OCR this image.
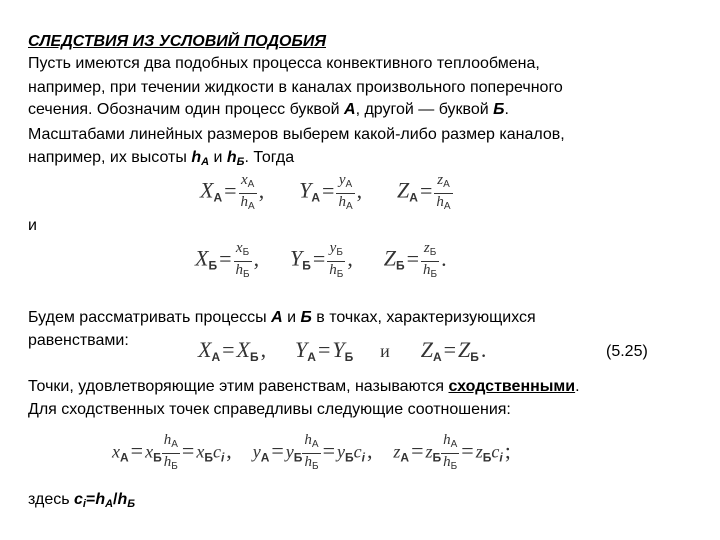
СЛЕДСТВИЯ ИЗ УСЛОВИЙ ПОДОБИЯ
Пусть имеются два подобных процесса конвективного теплообмена,
например, при течении жидкости в каналах произвольного поперечного
сечения. Обозначим один процесс буквой А, другой — буквой Б.
Масштабами линейных размеров выберем какой-либо размер каналов,
например, их высоты hА и hБ. Тогда
$X_А= \frac{x_А}{h_А}$ , $Y_А= \frac{y_А}{h_А}$ , $Z_А= \frac{z_А}{h_А}$
и
$X_Б= \frac{x_Б}{h_Б}$ , $Y_Б= \frac{y_Б}{h_Б}$ , $Z_Б= \frac{z_Б}{h_Б}$ .
Будем рассматривать процессы А и Б в точках, характеризующихся
равенствами:	$X_А=X_Б$, $Y_А=Y_Б$ и $Z_А=Z_Б$.	(5.25)
Точки, удовлетворяющие этим равенствам, называются сходственными.
Для сходственных точек справедливы следующие соотношения:
$x_А= x_Б \frac{h_А}{h_Б} = x_Бc_i$, $y_А= y_Б \frac{h_А}{h_Б} = y_Бc_i$, $z_А= z_Б \frac{h_А}{h_Б} = z_Бc_i$;
здесь ci=hА/hБ
